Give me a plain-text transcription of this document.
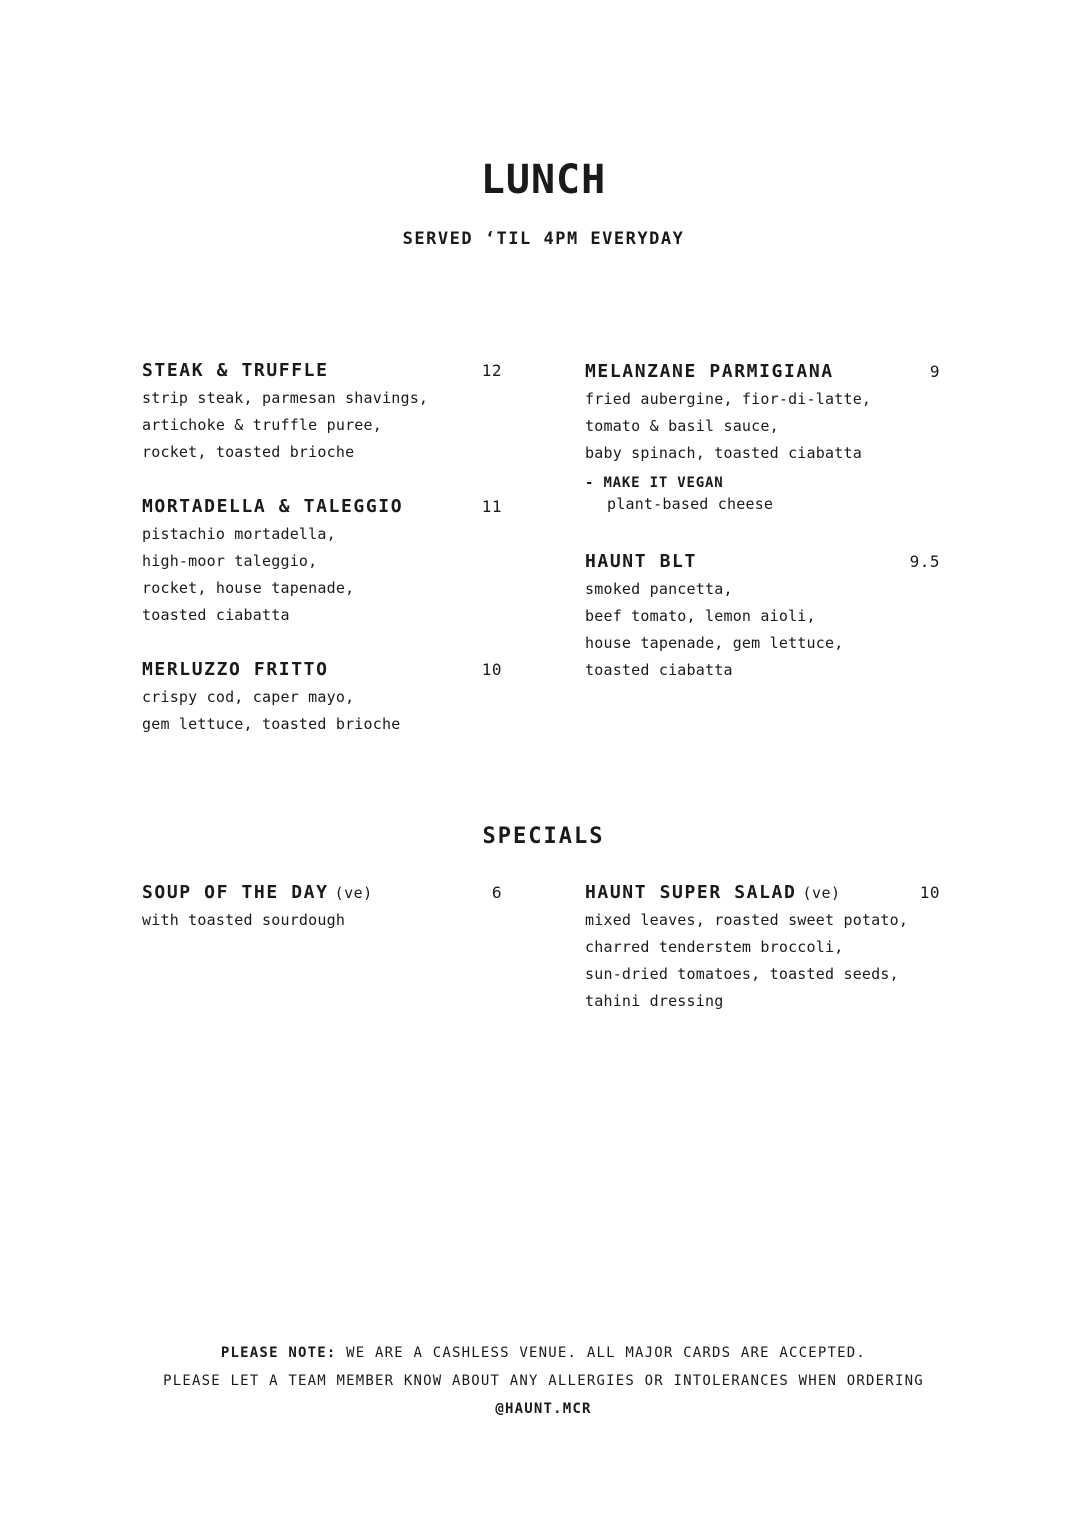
LUNCH
SERVED ‘TIL 4PM EVERYDAY
STEAK & TRUFFLE	12
strip steak, parmesan shavings,
artichoke & truffle puree,
rocket, toasted brioche
MORTADELLA & TALEGGIO	11
pistachio mortadella,
high-moor taleggio,
rocket, house tapenade,
toasted ciabatta
MERLUZZO FRITTO	10
crispy cod, caper mayo,
gem lettuce, toasted brioche
MELANZANE PARMIGIANA	9
fried aubergine, fior-di-latte,
tomato & basil sauce,
baby spinach, toasted ciabatta
- MAKE IT VEGAN
plant-based cheese
HAUNT BLT	9.5
smoked pancetta,
beef tomato, lemon aioli,
house tapenade, gem lettuce,
toasted ciabatta
SPECIALS
SOUP OF THE DAY (ve)	6
with toasted sourdough
HAUNT SUPER SALAD (ve)	10
mixed leaves, roasted sweet potato,
charred tenderstem broccoli,
sun-dried tomatoes, toasted seeds,
tahini dressing
PLEASE NOTE: WE ARE A CASHLESS VENUE. ALL MAJOR CARDS ARE ACCEPTED.
PLEASE LET A TEAM MEMBER KNOW ABOUT ANY ALLERGIES OR INTOLERANCES WHEN ORDERING
@HAUNT.MCR
